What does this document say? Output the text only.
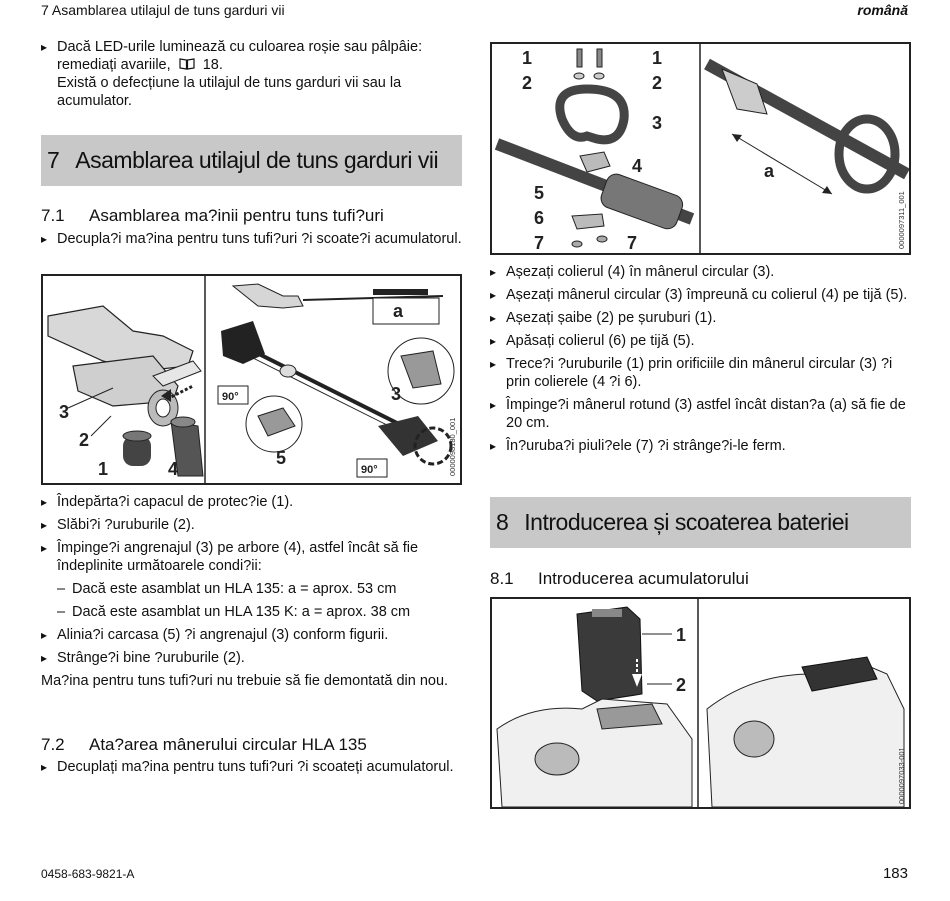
7 Asamblarea utilajul de tuns garduri vii	română

▸ Dacă LED-urile luminează cu culoarea roșie sau pâlpâie:
remediați avariile, 18.
Există o defecțiune la utilajul de tuns garduri vii sau la
acumulator.

7 Asamblarea utilajul de tuns garduri vii
7.1 Asamblarea ma?inii pentru tuns tufi?uri

▸ Decupla?i ma?ina pentru tuns tufi?uri ?i scoate?i acumulatorul.

3
2
1	4
a
5
90°	3
90°	0000098180_001

▸ Îndepărta?i capacul de protec?ie (1).

▸ Slăbi?i ?uruburile (2).

▸ Împinge?i angrenajul (3) pe arbore (4), astfel încât să fie îndeplinite următoarele condi?ii:

– Dacă este asamblat un HLA 135: a = aprox. 53 cm

– Dacă este asamblat un HLA 135 K: a = aprox. 38 cm

▸ Alinia?i carcasa (5) ?i angrenajul (3) conform figurii.

▸ Strânge?i bine ?uruburile (2).

Ma?ina pentru tuns tufi?uri nu trebuie să fie demontată din nou.

7.2 Ata?area mânerului circular HLA 135

▸ Decuplați ma?ina pentru tuns tufi?uri ?i scoateți acumulatorul.

1
2
1
2
3
4
5
6
7	7
a
0000097311_001

▸ Așezați colierul (4) în mânerul circular (3).

▸ Așezați mânerul circular (3) împreună cu colierul (4) pe tijă (5).

▸ Așezați șaibe (2) pe șuruburi (1).

▸ Apăsați colierul (6) pe tijă (5).

▸ Trece?i ?uruburile (1) prin orificiile din mânerul circular (3) ?i prin colierele (4 ?i 6).

▸ Împinge?i mânerul rotund (3) astfel încât distan?a (a) să fie de 20 cm.

▸ În?uruba?i piuli?ele (7) ?i strânge?i-le ferm.

8 Introducerea și scoaterea bateriei
8.1 Introducerea acumulatorului
1
2
0000097033-001
0458-683-9821-A	183
